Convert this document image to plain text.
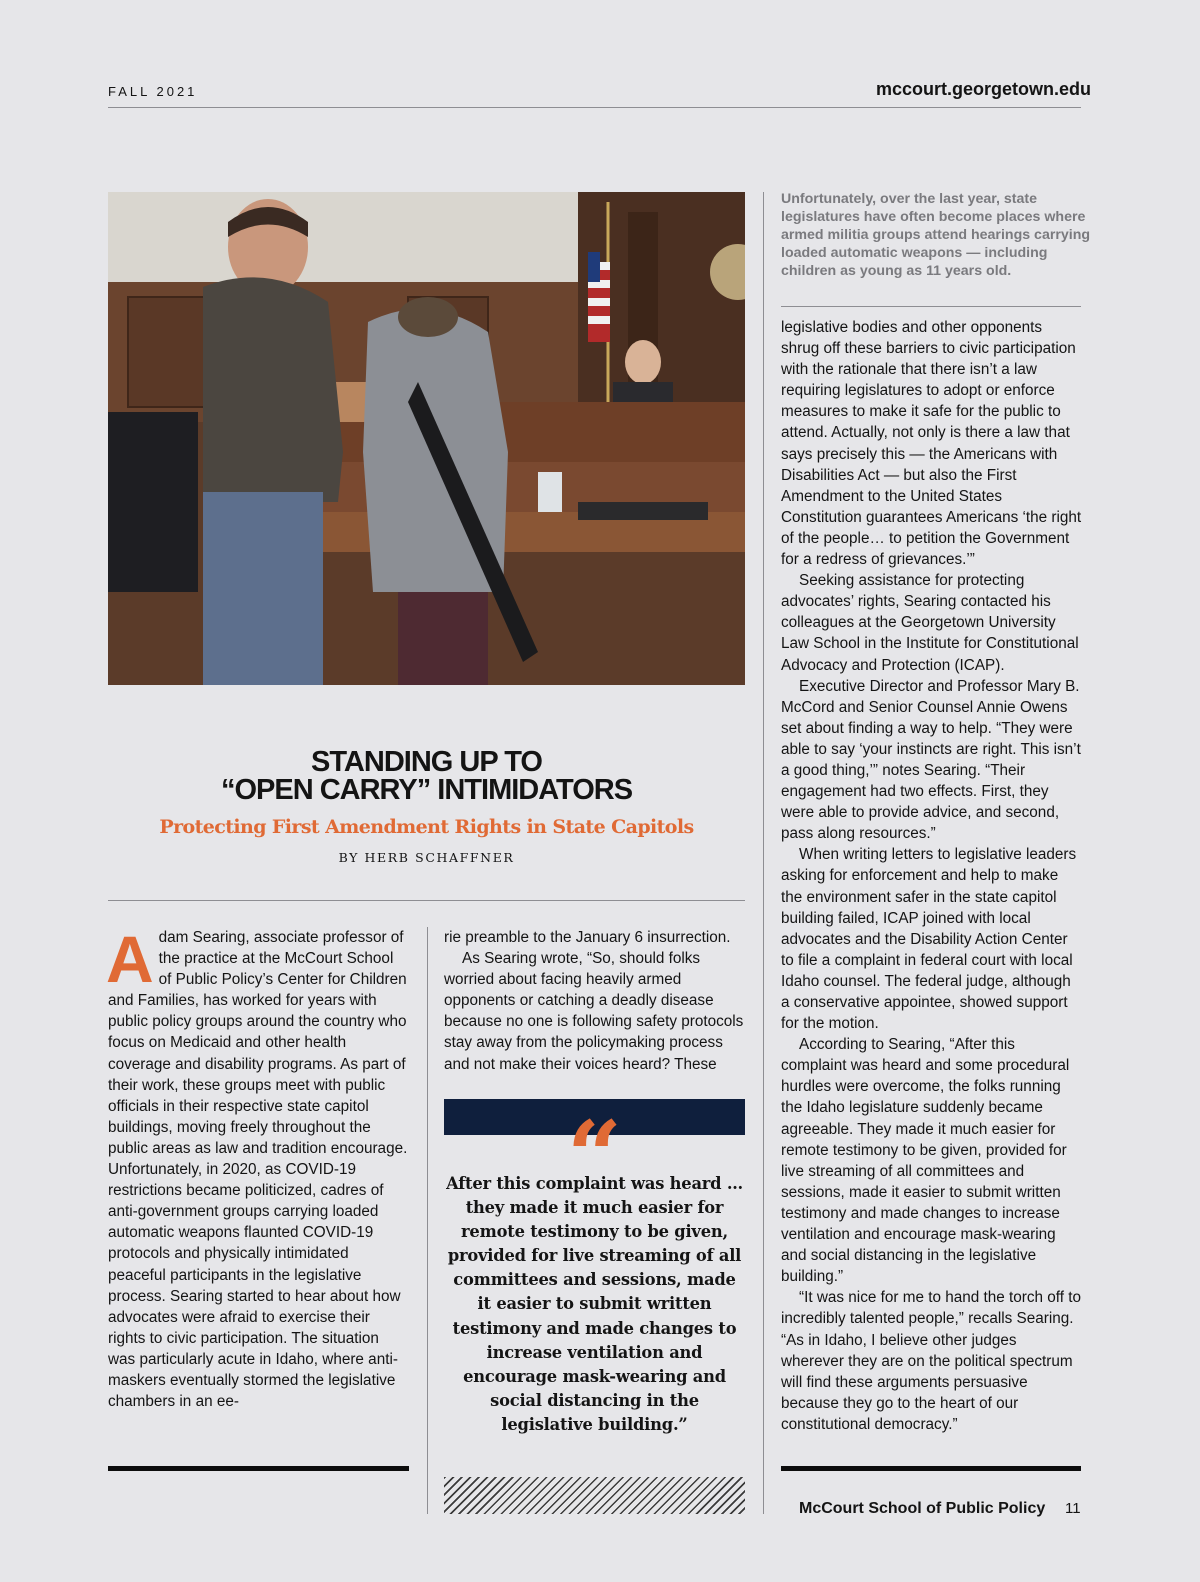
FALL 2021	mccourt.georgetown.edu
Unfortunately, over the last year, state legislatures have often become places where armed militia groups attend hearings carrying loaded automatic weapons — including children as young as 11 years old.
STANDING UP TO
“OPEN CARRY” INTIMIDATORS
Protecting First Amendment Rights in State Capitols
BY HERB SCHAFFNER
A dam Searing, associate professor of the practice at the McCourt School of Public Policy’s Center for Children and Families, has worked for years with public policy groups around the country who focus on Medicaid and other health coverage and disability programs. As part of their work, these groups meet with public officials in their respective state capitol buildings, moving freely throughout the public areas as law and tradition encourage. Unfortunately, in 2020, as COVID-19 restrictions became politicized, cadres of anti-government groups carrying loaded automatic weapons flaunted COVID-19 protocols and physically intimidated peaceful participants in the legislative process. Searing started to hear about how advocates were afraid to exercise their rights to civic participation. The situation was particularly acute in Idaho, where anti-maskers eventually stormed the legislative chambers in an ee-

rie preamble to the January 6 insurrection.

As Searing wrote, “So, should folks worried about facing heavily armed opponents or catching a deadly disease because no one is following safety protocols stay away from the policymaking process and not make their voices heard? These

“
After this complaint was heard … they made it much easier for remote testimony to be given, provided for live streaming of all committees and sessions, made it easier to submit written testimony and made changes to increase ventilation and encourage mask-wearing and social distancing in the legislative building.”

legislative bodies and other opponents shrug off these barriers to civic participation with the rationale that there isn’t a law requiring legislatures to adopt or enforce measures to make it safe for the public to attend. Actually, not only is there a law that says precisely this — the Americans with Disabilities Act — but also the First Amendment to the United States Constitution guarantees Americans ‘the right of the people… to petition the Government for a redress of grievances.’”

Seeking assistance for protecting advocates’ rights, Searing contacted his colleagues at the Georgetown University Law School in the Institute for Constitutional Advocacy and Protection (ICAP).

Executive Director and Professor Mary B. McCord and Senior Counsel Annie Owens set about finding a way to help. “They were able to say ‘your instincts are right. This isn’t a good thing,’” notes Searing. “Their engagement had two effects. First, they were able to provide advice, and second, pass along resources.”

When writing letters to legislative leaders asking for enforcement and help to make the environment safer in the state capitol building failed, ICAP joined with local advocates and the Disability Action Center to file a complaint in federal court with local Idaho counsel. The federal judge, although a conservative appointee, showed support for the motion.

According to Searing, “After this complaint was heard and some procedural hurdles were overcome, the folks running the Idaho legislature suddenly became agreeable. They made it much easier for remote testimony to be given, provided for live streaming of all committees and sessions, made it easier to submit written testimony and made changes to increase ventilation and encourage mask-wearing and social distancing in the legislative building.”

“It was nice for me to hand the torch off to incredibly talented people,” recalls Searing. “As in Idaho, I believe other judges wherever they are on the political spectrum will find these arguments persuasive because they go to the heart of our constitutional democracy.”

McCourt School of Public Policy 11
